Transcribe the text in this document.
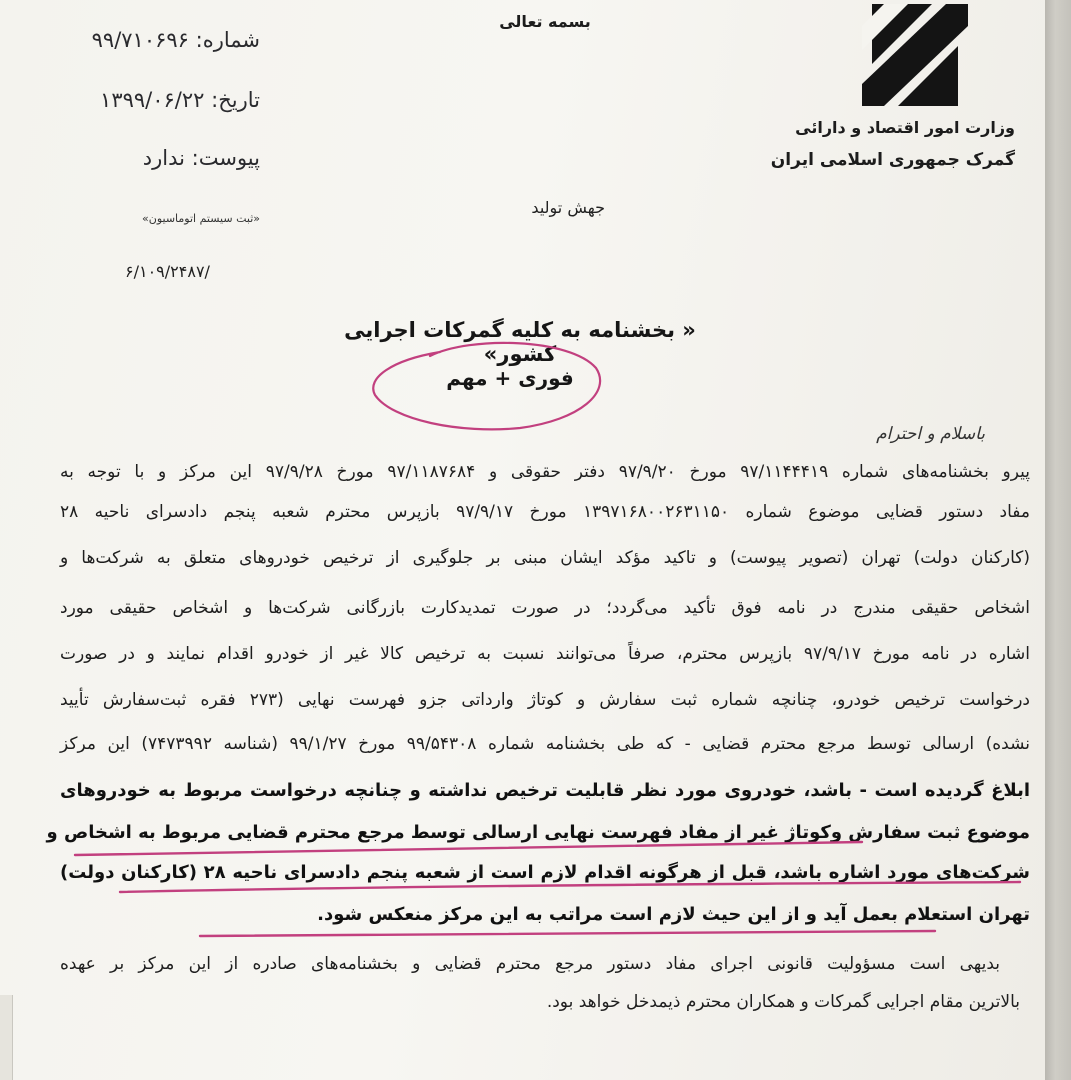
بسمه تعالی
وزارت امور اقتصاد و دارائی
گمرک جمهوری اسلامی ایران
شماره: ۹۹/۷۱۰۶۹۶
تاریخ: ۱۳۹۹/۰۶/۲۲
پیوست: ندارد
«ثبت سیستم اتوماسیون»
جهش تولید
۶/۱۰۹/۲۴۸۷/
« بخشنامه به کلیه گمرکات اجرایی کشور»
فوری + مهم
باسلام و احترام
پیرو بخشنامه‌های شماره ۹۷/۱۱۴۴۴۱۹ مورخ ۹۷/۹/۲۰ دفتر حقوقی و ۹۷/۱۱۸۷۶۸۴ مورخ ۹۷/۹/۲۸ این مرکز و با توجه به
مفاد دستور قضایی موضوع شماره ۱۳۹۷۱۶۸۰۰۲۶۳۱۱۵۰ مورخ ۹۷/۹/۱۷ بازپرس محترم شعبه پنجم دادسرای ناحیه ۲۸
(کارکنان دولت) تهران (تصویر پیوست) و تاکید مؤکد ایشان مبنی بر جلوگیری از ترخیص خودروهای متعلق به شرکت‌ها و
اشخاص حقیقی مندرج در نامه فوق تأکید می‌گردد؛ در صورت تمدیدکارت بازرگانی شرکت‌ها و اشخاص حقیقی مورد
اشاره در نامه مورخ ۹۷/۹/۱۷ بازپرس محترم، صرفاً می‌توانند نسبت به ترخیص کالا غیر از خودرو اقدام نمایند و در صورت
درخواست ترخیص خودرو، چنانچه شماره ثبت سفارش و کوتاژ وارداتی جزو فهرست نهایی (۲۷۳ فقره ثبت‌سفارش تأیید
نشده) ارسالی توسط مرجع محترم قضایی - که طی بخشنامه شماره ۹۹/۵۴۳۰۸ مورخ ۹۹/۱/۲۷ (شناسه ۷۴۷۳۹۹۲) این مرکز
ابلاغ گردیده است - باشد، خودروی مورد نظر قابلیت ترخیص نداشته و چنانچه درخواست مربوط به خودروهای
موضوع ثبت سفارش وکوتاژ غیر از مفاد فهرست نهایی ارسالی توسط مرجع محترم قضایی مربوط به اشخاص و
شرکت‌های مورد اشاره باشد، قبل از هرگونه اقدام لازم است از شعبه پنجم دادسرای ناحیه ۲۸ (کارکنان دولت)
تهران استعلام بعمل آید و از این حیث لازم است مراتب به این مرکز منعکس شود.
بدیهی است مسؤولیت قانونی اجرای مفاد دستور مرجع محترم قضایی و بخشنامه‌های صادره از این مرکز بر عهده
بالاترین مقام اجرایی گمرکات و همکاران محترم ذیمدخل خواهد بود.
